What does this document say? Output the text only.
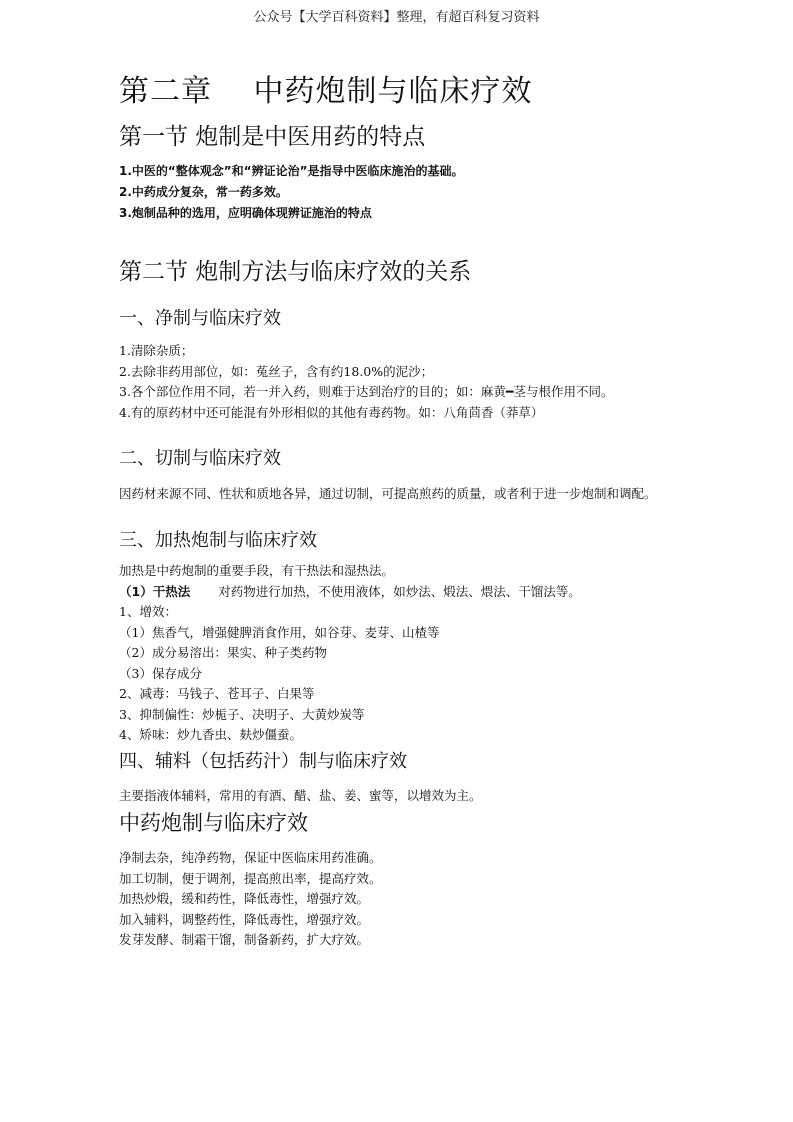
公众号【大学百科资料】整理，有超百科复习资料
第二章　 中药炮制与临床疗效
第一节 炮制是中医用药的特点

1.中医的“整体观念”和“辨证论治”是指导中医临床施治的基础。

2.中药成分复杂，常一药多效。

3.炮制品种的选用，应明确体现辨证施治的特点

第二节 炮制方法与临床疗效的关系
一、净制与临床疗效

1.清除杂质；

2.去除非药用部位，如：菟丝子，含有约18.0%的泥沙；

3.各个部位作用不同，若一并入药，则难于达到治疗的目的；如：麻黄━茎与根作用不同。

4.有的原药材中还可能混有外形相似的其他有毒药物。如：八角茴香（莽草）

二、切制与临床疗效

因药材来源不同、性状和质地各异，通过切制，可提高煎药的质量，或者利于进一步炮制和调配。

三、加热炮制与临床疗效

加热是中药炮制的重要手段，有干热法和湿热法。

（1）干热法 对药物进行加热，不使用液体，如炒法、煅法、煨法、干馏法等。

1、增效：

（1）焦香气，增强健脾消食作用，如谷芽、麦芽、山楂等

（2）成分易溶出：果实、种子类药物

（3）保存成分

2、减毒：马钱子、苍耳子、白果等

3、抑制偏性：炒栀子、决明子、大黄炒炭等

4、矫味：炒九香虫、麸炒僵蚕。

四、辅料（包括药汁）制与临床疗效

主要指液体辅料，常用的有酒、醋、盐、姜、蜜等，以增效为主。

中药炮制与临床疗效

净制去杂，纯净药物，保证中医临床用药准确。

加工切制，便于调剂，提高煎出率，提高疗效。

加热炒煅，缓和药性，降低毒性，增强疗效。

加入辅料，调整药性，降低毒性，增强疗效。

发芽发酵、制霜干馏，制备新药，扩大疗效。
